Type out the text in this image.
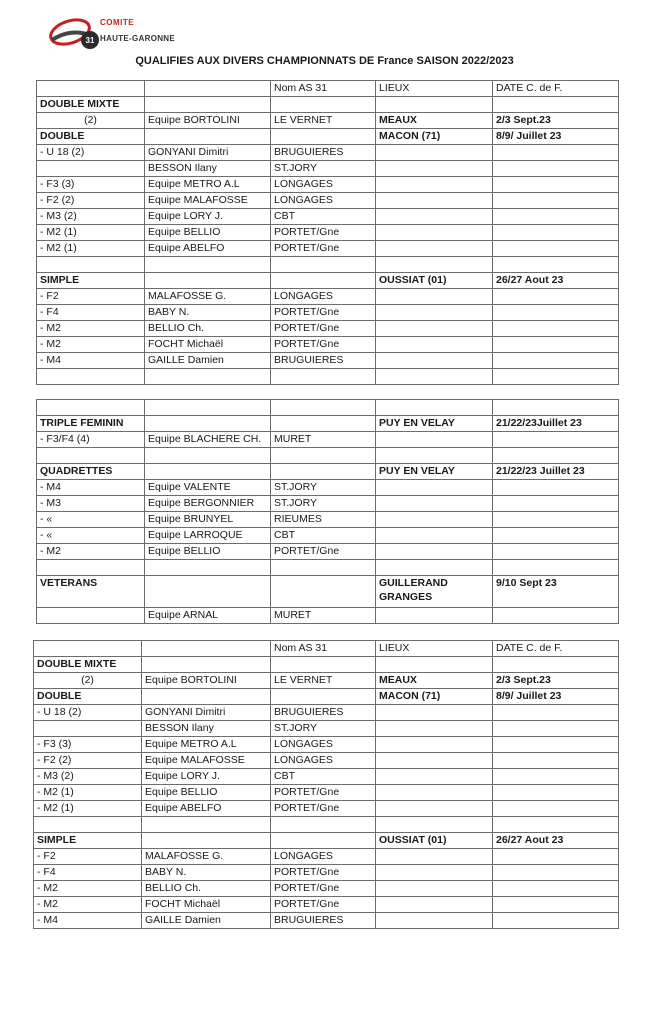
31
COMITE
HAUTE-GARONNE
QUALIFIES AUX DIVERS CHAMPIONNATS DE France SAISON 2022/2023
		Nom AS 31	LIEUX	DATE C. de F.
DOUBLE MIXTE				
(2)	Equipe BORTOLINI	LE VERNET	MEAUX	2/3 Sept.23
DOUBLE			MACON (71)	8/9/ Juillet 23
- U 18 (2)	GONYANI Dimitri	BRUGUIERES		
	BESSON Ilany	ST.JORY		
- F3 (3)	Equipe METRO A.L	LONGAGES		
- F2 (2)	Equipe MALAFOSSE	LONGAGES		
- M3 (2)	Equipe LORY J.	CBT		
- M2 (1)	Equipe BELLIO	PORTET/Gne		
- M2 (1)	Equipe ABELFO	PORTET/Gne		

SIMPLE			OUSSIAT (01)	26/27 Aout 23
- F2	MALAFOSSE G.	LONGAGES		
- F4	BABY N.	PORTET/Gne		
- M2	BELLIO Ch.	PORTET/Gne		
- M2	FOCHT Michaël	PORTET/Gne		
- M4	GAILLE Damien	BRUGUIERES		

TRIPLE FEMININ			PUY EN VELAY	21/22/23Juillet 23
- F3/F4 (4)	Equipe BLACHERE CH.	MURET		

QUADRETTES			PUY EN VELAY	21/22/23 Juillet 23
- M4	Equipe VALENTE	ST.JORY		
- M3	Equipe BERGONNIER	ST.JORY		
- «	Equipe BRUNYEL	RIEUMES		
- «	Equipe LARROQUE	CBT		
- M2	Equipe BELLIO	PORTET/Gne		

VETERANS			GUILLERAND GRANGES	9/10 Sept 23
	Equipe ARNAL	MURET		
		Nom AS 31	LIEUX	DATE C. de F.
DOUBLE MIXTE				
(2)	Equipe BORTOLINI	LE VERNET	MEAUX	2/3 Sept.23
DOUBLE			MACON (71)	8/9/ Juillet 23
- U 18 (2)	GONYANI Dimitri	BRUGUIERES		
	BESSON Ilany	ST.JORY		
- F3 (3)	Equipe METRO A.L	LONGAGES		
- F2 (2)	Equipe MALAFOSSE	LONGAGES		
- M3 (2)	Equipe LORY J.	CBT		
- M2 (1)	Equipe BELLIO	PORTET/Gne		
- M2 (1)	Equipe ABELFO	PORTET/Gne		

SIMPLE			OUSSIAT (01)	26/27 Aout 23
- F2	MALAFOSSE G.	LONGAGES		
- F4	BABY N.	PORTET/Gne		
- M2	BELLIO Ch.	PORTET/Gne		
- M2	FOCHT Michaël	PORTET/Gne		
- M4	GAILLE Damien	BRUGUIERES		
